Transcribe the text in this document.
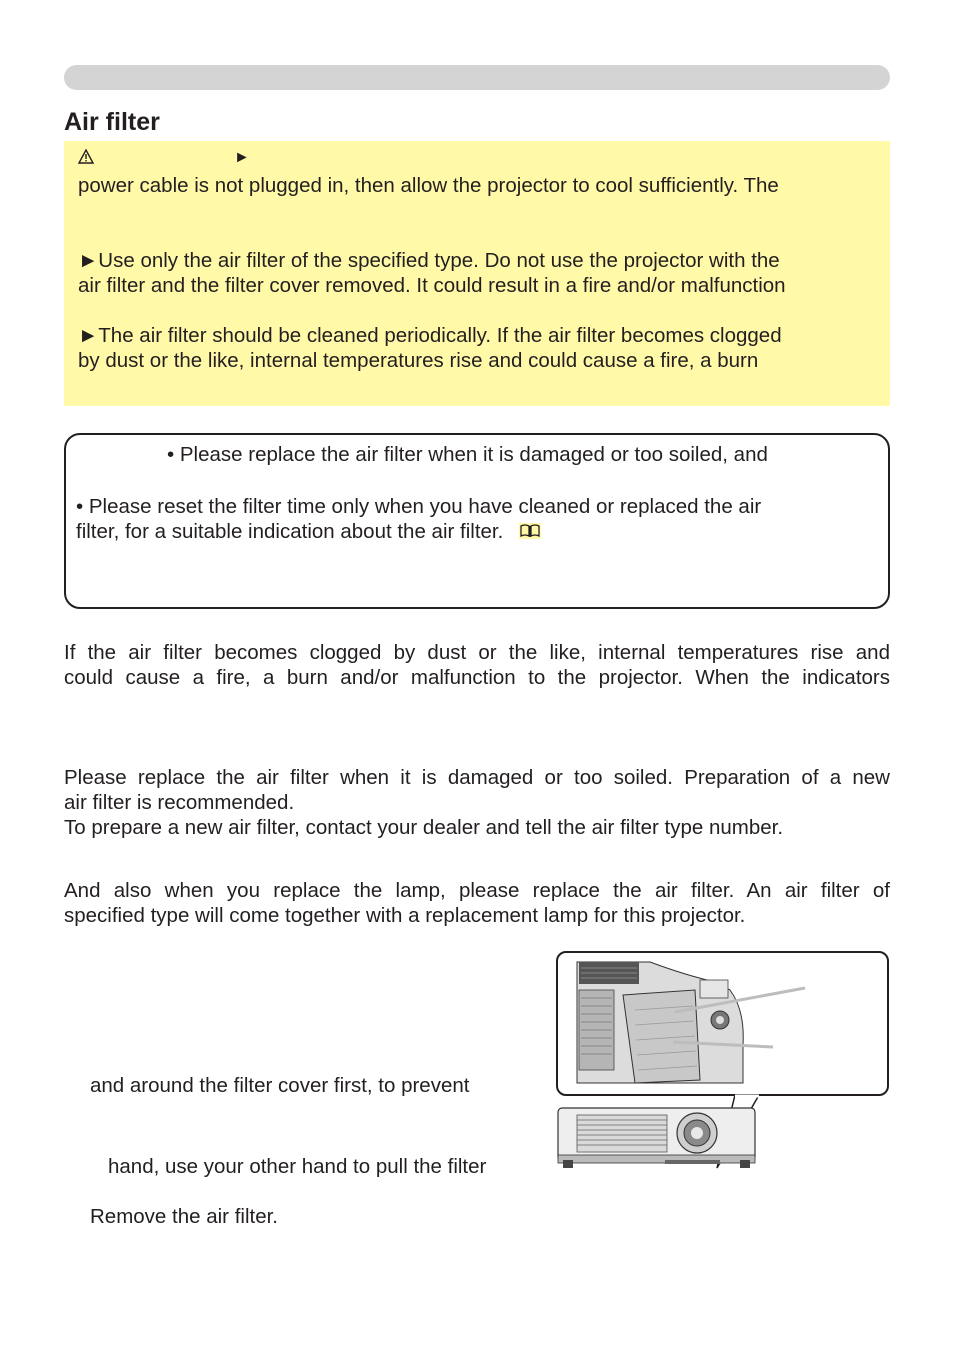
Air filter
►
power cable is not plugged in, then allow the projector to cool sufficiently. The
►Use only the air filter of the specified type. Do not use the projector with the
air filter and the filter cover removed. It could result in a fire and/or malfunction
►The air filter should be cleaned periodically. If the air filter becomes clogged
by dust or the like, internal temperatures rise and could cause a fire, a burn
• Please replace the air filter when it is damaged or too soiled, and
• Please reset the filter time only when you have cleaned or replaced the air
filter, for a suitable indication about the air filter.
If the air filter becomes clogged by dust or the like, internal temperatures rise and
could cause a fire, a burn and/or malfunction to the projector. When the indicators
Please replace the air filter when it is damaged or too soiled. Preparation of a new
air filter is recommended.
To prepare a new air filter, contact your dealer and tell the air filter type number.
And also when you replace the lamp, please replace the air filter. An air filter of
specified type will come together with a replacement lamp for this projector.
and around the filter cover first, to prevent
hand, use your other hand to pull the filter
Remove the air filter.
